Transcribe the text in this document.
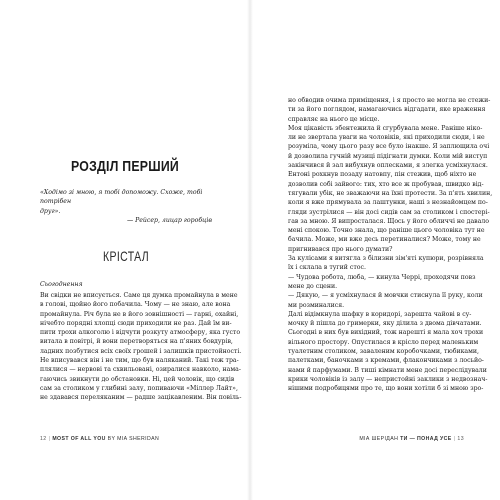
РОЗДІЛ ПЕРШИЙ

«Ходімо зі мною, я тобі допоможу. Схоже, тобі потрібен
друг».

— Рейсер, лицар горобців

КРІСТАЛ

Сьогоднення

Ви свідки не вписується. Саме ця думка промайнула в мене
в голові, щойно його побачила. Чому — не знаю, але вона
промайнула. Річ була не в його зовнішності — гарні, охайні,
нічебто порядні хлопці сюди приходили не раз. Дай їм ви-
пити трохи алкоголю і відчути розкуту атмосферу, яка густо
витала в повітрі, й вони перетворяться на п'яних бовдурів,
ладних позбутися всіх своїх грошей і залишків пристойності.
Не вписувався він і не тим, що був наляканий. Такі теж тра-
плялися — нервові та схвильовані, озиралися навколо, нама-
гаючись звикнути до обстановки. Ні, цей чоловік, що сидів
сам за столиком у глибині залу, попиваючи «Міллер Лайт»,
не здавався переляканим — радше зацікавленим. Він повіль-
12 | MOST OF ALL YOU BY MIA SHERIDAN
но обводив очима приміщення, і я просто не могла не стежи-
ти за його поглядом, намагаючись відгадати, яке враження
справляє на нього це місце.
Моя цікавість збентежила й сгурбувала мене. Раніше ніко-
ли не звертала уваги на чоловіків, які приходили сюди, і не
розуміла, чому цього разу все було інакше. Я заплющила очі
й дозволила гучній музиці підігнати думки. Коли мій виступ
закінчився й зал вибухнув оплесками, я злегка усміхнулася.
Ентоні рохкнув позаду натовпу, пін стежив, щоб ніхто не
дозволив собі зайвого: тих, хто все ж пробував, швидко від-
тягували убік, не зважаючи на їхні протести. За п'ять хвилин,
коли я вже прямувала за лаштунки, наші з незнайомцем по-
гляди зустрілися — він досі сидів сам за столиком і спостері-
гав за мною. Я випросталася. Щось у його обличчі не давало
мені спокою. Точно знала, що раніше цього чоловіка тут не
бачила. Може, ми вже десь перетиналися? Може, тому не
пригнивався про нього думати?
За кулісами я витягла з білизни зім'яті купюри, розрівняла
їх і склала в тугий стос.
— Чудова робота, люба, — кинула Черрі, проходячи повз
мене до сцени.
— Дякую, — я усміхнулася й мовчки стиснула її руку, коли
ми розминалися.
Далі відімкнула шафку в коридорі, зарешта чайові в су-
мочку й пішла до гримерки, яку ділила з двома дівчатами.
Сьогодні в них був вихідний, тож нарешті я мала хоч трохи
вільного простору. Опустилася в крісло перед маленьким
туалетним столиком, заваленим коробочками, тюбиками,
палетками, баночками з кремами, флакончиками з лосьйо-
нами й парфумами. В тиші кімнати мене досі переслідували
крики чоловіків із залу — непристойні заклики з недвознач-
нішими подробицями про те, що вони хотіли б зі мною зро-
МІА ШЕРІДАН ТИ — ПОНАД УСЕ | 13
